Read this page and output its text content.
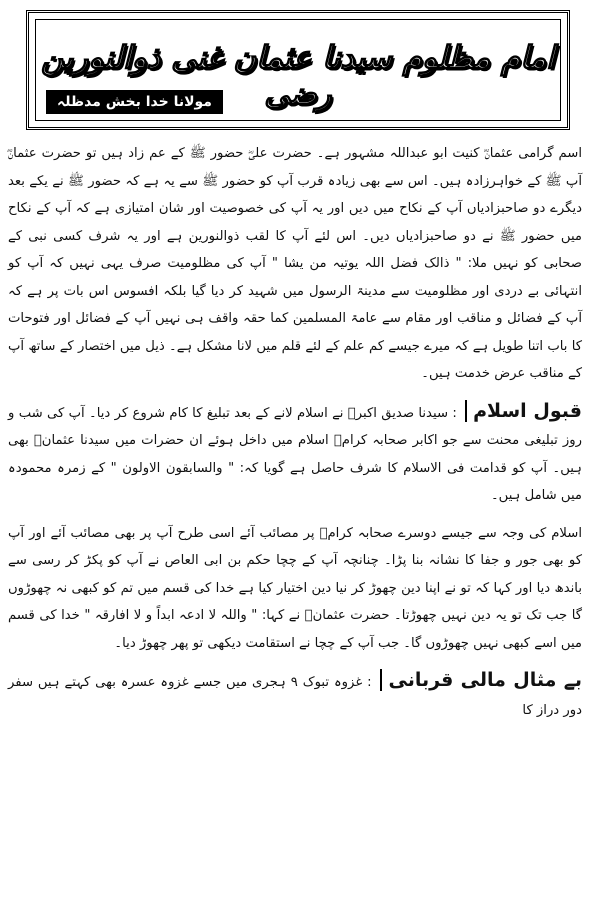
امام مظلوم سیدنا عثمان غنی ذوالنورین رضی
مولانا خدا بخش مدظلہ

اسم گرامی عثمانؓ کنیت ابو عبداللہ مشہور ہے۔ حضرت علیؓ حضور ﷺ کے عم زاد ہیں تو حضرت عثمانؓ آپ ﷺ کے خواہرزادہ ہیں۔ اس سے بھی زیادہ قرب آپ کو حضور ﷺ سے یہ ہے کہ حضور ﷺ نے یکے بعد دیگرے دو صاحبزادیاں آپ کے نکاح میں دیں اور یہ آپ کی خصوصیت اور شان امتیازی ہے کہ آپ کے نکاح میں حضور ﷺ نے دو صاحبزادیاں دیں۔ اس لئے آپ کا لقب ذوالنورین ہے اور یہ شرف کسی نبی کے صحابی کو نہیں ملا: " ذالک فضل اللہ یوتیہ من یشا " آپ کی مظلومیت صرف یہی نہیں کہ آپ کو انتہائی بے دردی اور مظلومیت سے مدینۃ الرسول میں شہید کر دیا گیا بلکہ افسوس اس بات پر ہے کہ آپ کے فضائل و مناقب اور مقام سے عامۃ المسلمین کما حقہ واقف ہی نہیں آپ کے فضائل اور فتوحات کا باب اتنا طویل ہے کہ میرے جیسے کم علم کے لئے قلم میں لانا مشکل ہے۔ ذیل میں اختصار کے ساتھ آپ کے مناقب عرض خدمت ہیں۔

قبول اسلام : سیدنا صدیق اکبرؓ نے اسلام لانے کے بعد تبلیغ کا کام شروع کر دیا۔ آپ کی شب و روز تبلیغی محنت سے جو اکابر صحابہ کرامؓ اسلام میں داخل ہوئے ان حضرات میں سیدنا عثمانؓ بھی ہیں۔ آپ کو قدامت فی الاسلام کا شرف حاصل ہے گویا کہ: " والسابقون الاولون " کے زمرہ محمودہ میں شامل ہیں۔

اسلام کی وجہ سے جیسے دوسرے صحابہ کرامؓ پر مصائب آئے اسی طرح آپ پر بھی مصائب آئے اور آپ کو بھی جور و جفا کا نشانہ بنا پڑا۔ چنانچہ آپ کے چچا حکم بن ابی العاص نے آپ کو پکڑ کر رسی سے باندھ دیا اور کہا کہ تو نے اپنا دین چھوڑ کر نیا دین اختیار کیا ہے خدا کی قسم میں تم کو کبھی نہ چھوڑوں گا جب تک تو یہ دین نہیں چھوڑتا۔ حضرت عثمانؓ نے کہا: " واللہ لا ادعہ ابداً و لا افارقہ " خدا کی قسم میں اسے کبھی نہیں چھوڑوں گا۔ جب آپ کے چچا نے استقامت دیکھی تو پھر چھوڑ دیا۔

بے مثال مالی قربانی : غزوہ تبوک ۹ ہجری میں جسے غزوہ عسرہ بھی کہتے ہیں سفر دور دراز کا
